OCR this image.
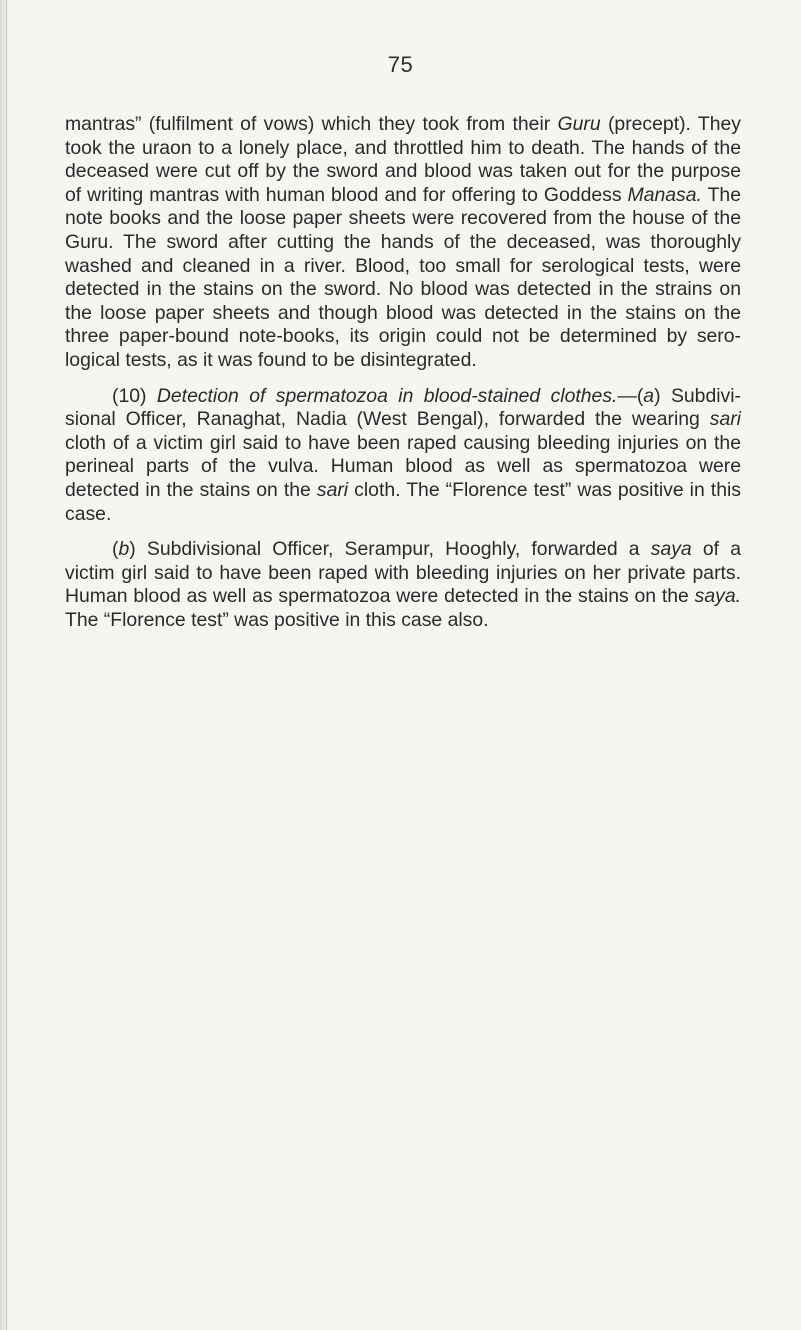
75

mantras” (fulfilment of vows) which they took from their Guru (precept). They took the uraon to a lonely place, and throttled him to death. The hands of the deceased were cut off by the sword and blood was taken out for the purpose of writing mantras with human blood and for offering to Goddess Manasa. The note books and the loose paper sheets were recovered from the house of the Guru. The sword after cutting the hands of the deceased, was thoroughly washed and cleaned in a river. Blood, too small for serological tests, were detected in the stains on the sword. No blood was detected in the strains on the loose paper sheets and though blood was detected in the stains on the three paper-bound note-books, its origin could not be determined by sero-logical tests, as it was found to be disintegrated.

(10) Detection of spermatozoa in blood-stained clothes.—(a) Subdivi-sional Officer, Ranaghat, Nadia (West Bengal), forwarded the wearing sari cloth of a victim girl said to have been raped causing bleeding injuries on the perineal parts of the vulva. Human blood as well as spermatozoa were detected in the stains on the sari cloth. The “Florence test” was positive in this case.

(b) Subdivisional Officer, Serampur, Hooghly, forwarded a saya of a victim girl said to have been raped with bleeding injuries on her private parts. Human blood as well as spermatozoa were detected in the stains on the saya. The “Florence test” was positive in this case also.
